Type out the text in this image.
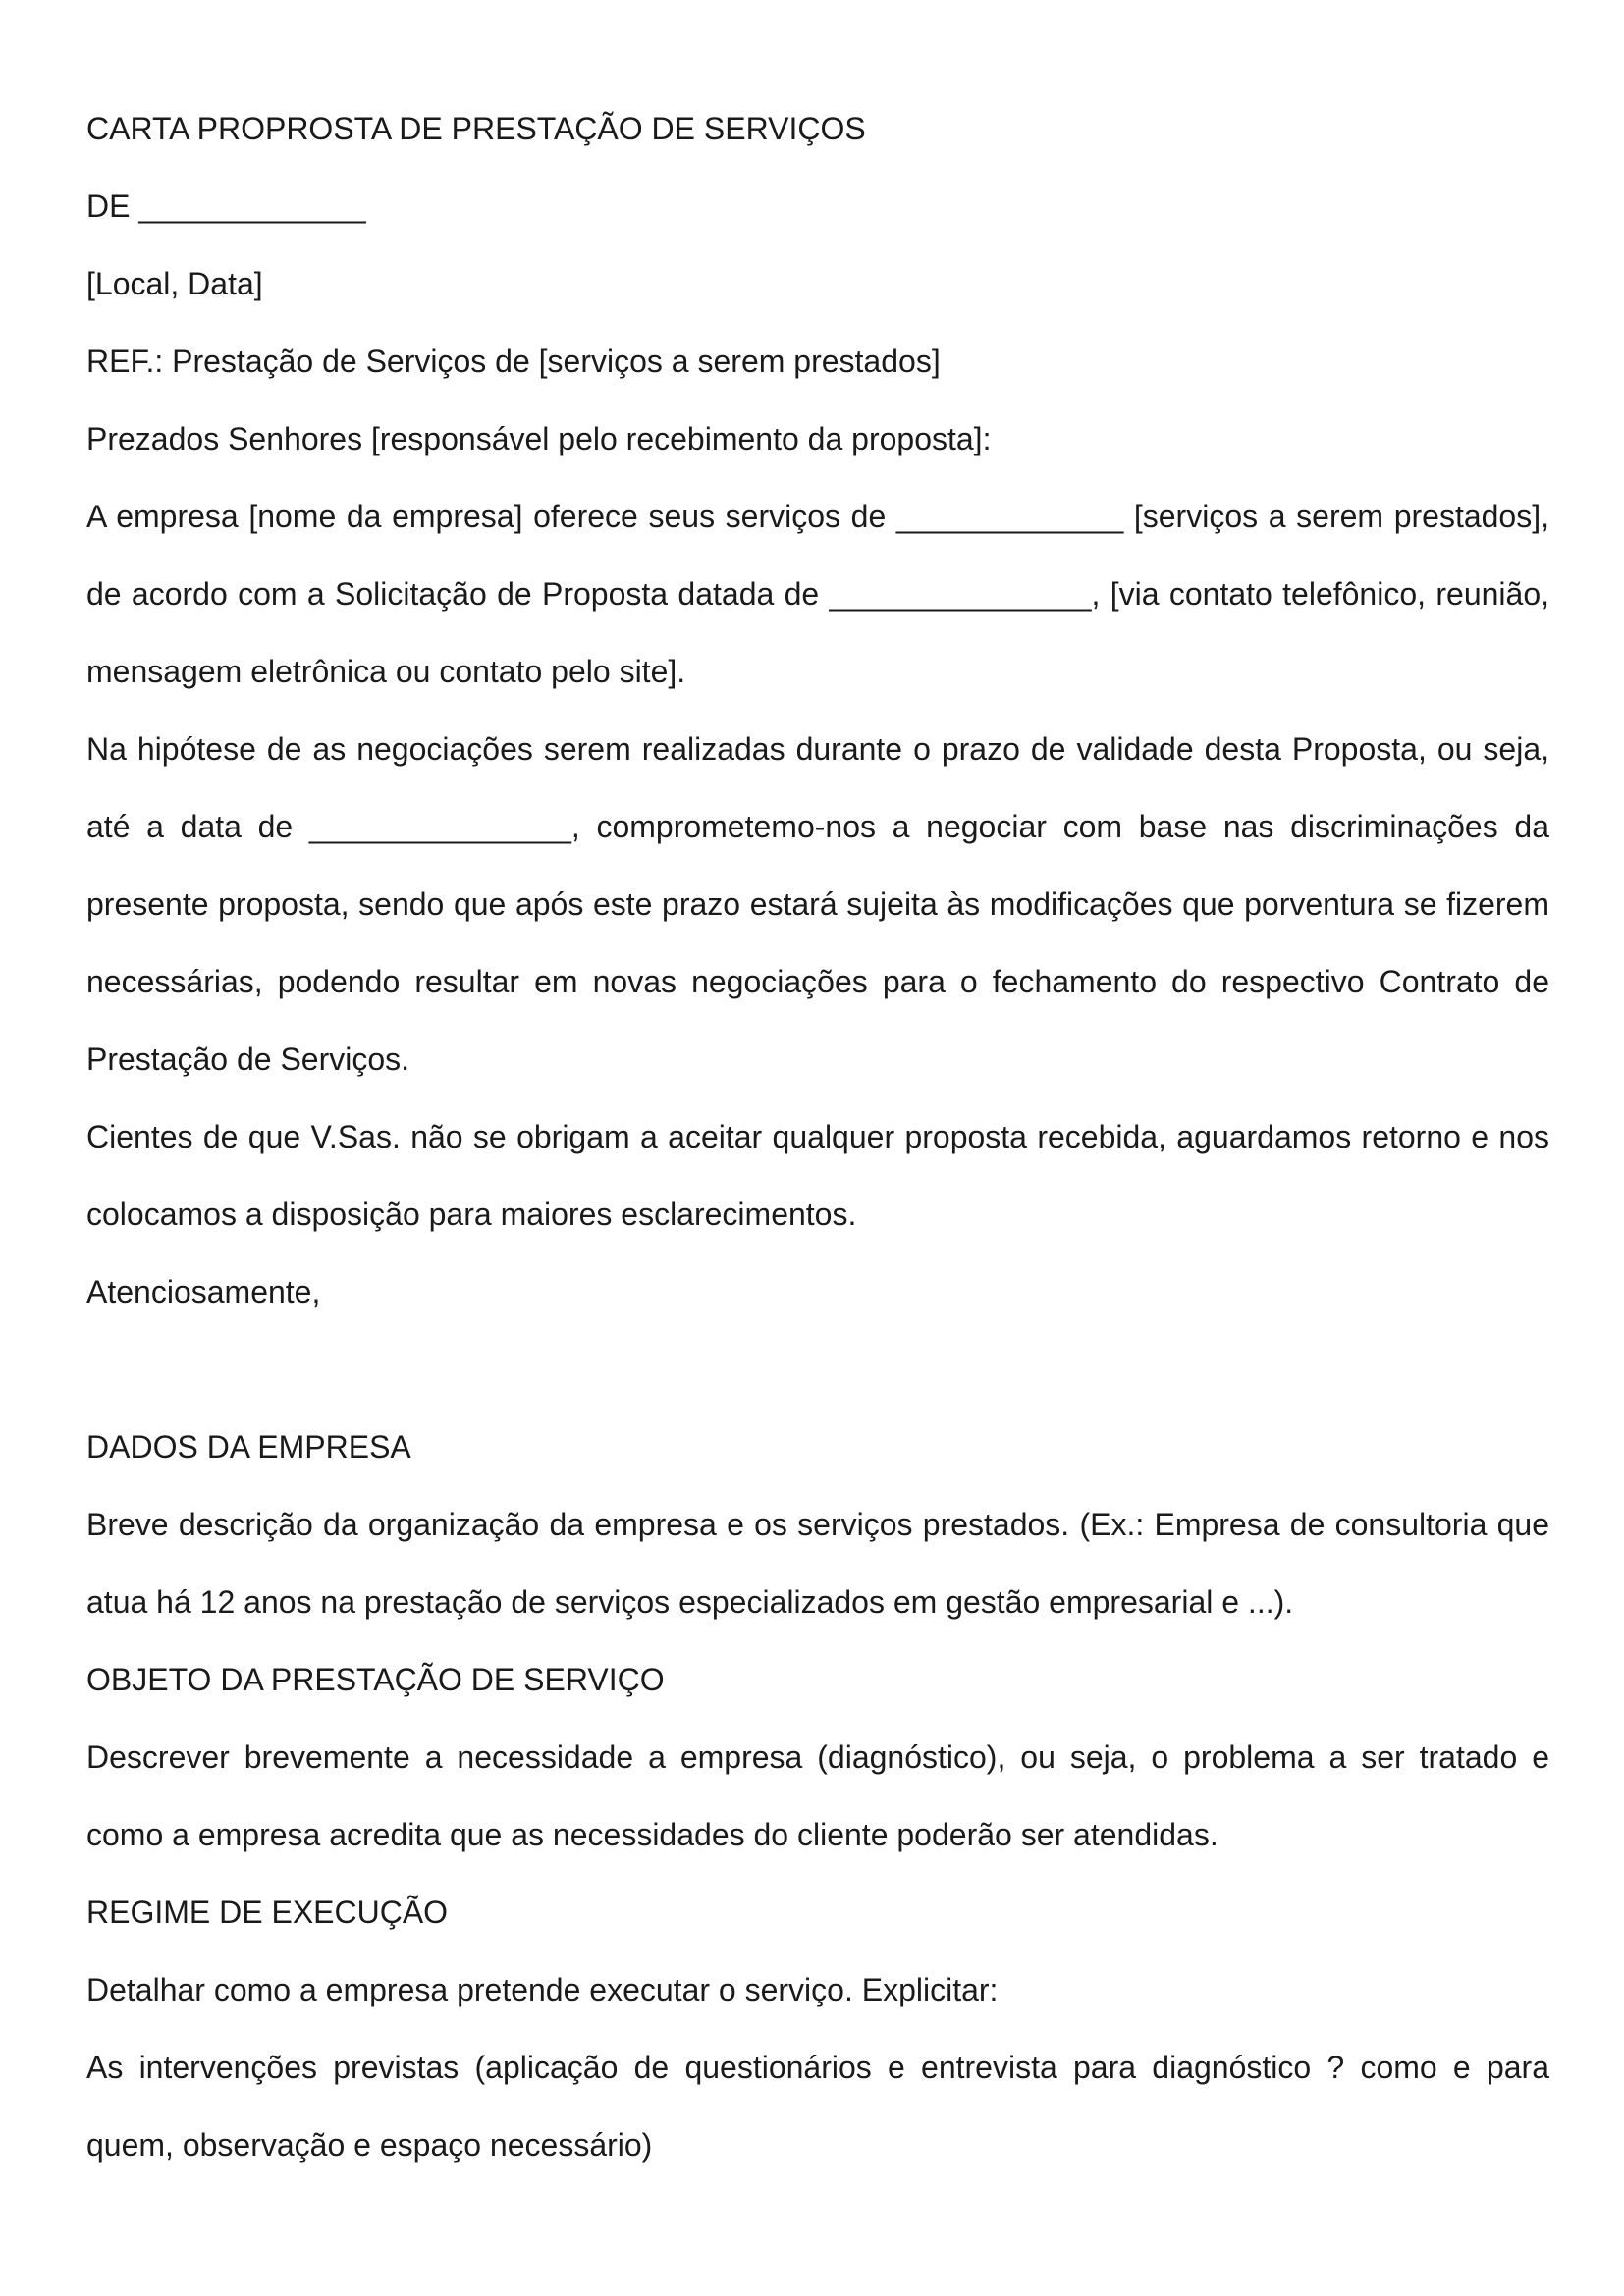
CARTA PROPROSTA DE PRESTAÇÃO DE SERVIÇOS

DE _____________

[Local, Data]

REF.: Prestação de Serviços de [serviços a serem prestados]

Prezados Senhores [responsável pelo recebimento da proposta]:

A empresa [nome da empresa] oferece seus serviços de _____________ [serviços a serem prestados], de acordo com a Solicitação de Proposta datada de _______________, [via contato telefônico, reunião, mensagem eletrônica ou contato pelo site].

Na hipótese de as negociações serem realizadas durante o prazo de validade desta Proposta, ou seja, até a data de _______________, comprometemo-nos a negociar com base nas discriminações da presente proposta, sendo que após este prazo estará sujeita às modificações que porventura se fizerem necessárias, podendo resultar em novas negociações para o fechamento do respectivo Contrato de Prestação de Serviços.

Cientes de que V.Sas. não se obrigam a aceitar qualquer proposta recebida, aguardamos retorno e nos colocamos a disposição para maiores esclarecimentos.

Atenciosamente,

DADOS DA EMPRESA

Breve descrição da organização da empresa e os serviços prestados. (Ex.: Empresa de consultoria que atua há 12 anos na prestação de serviços especializados em gestão empresarial e ...).

OBJETO DA PRESTAÇÃO DE SERVIÇO

Descrever brevemente a necessidade a empresa (diagnóstico), ou seja, o problema a ser tratado e como a empresa acredita que as necessidades do cliente poderão ser atendidas.

REGIME DE EXECUÇÃO

Detalhar como a empresa pretende executar o serviço. Explicitar:

As intervenções previstas (aplicação de questionários e entrevista para diagnóstico ? como e para quem, observação e espaço necessário)
